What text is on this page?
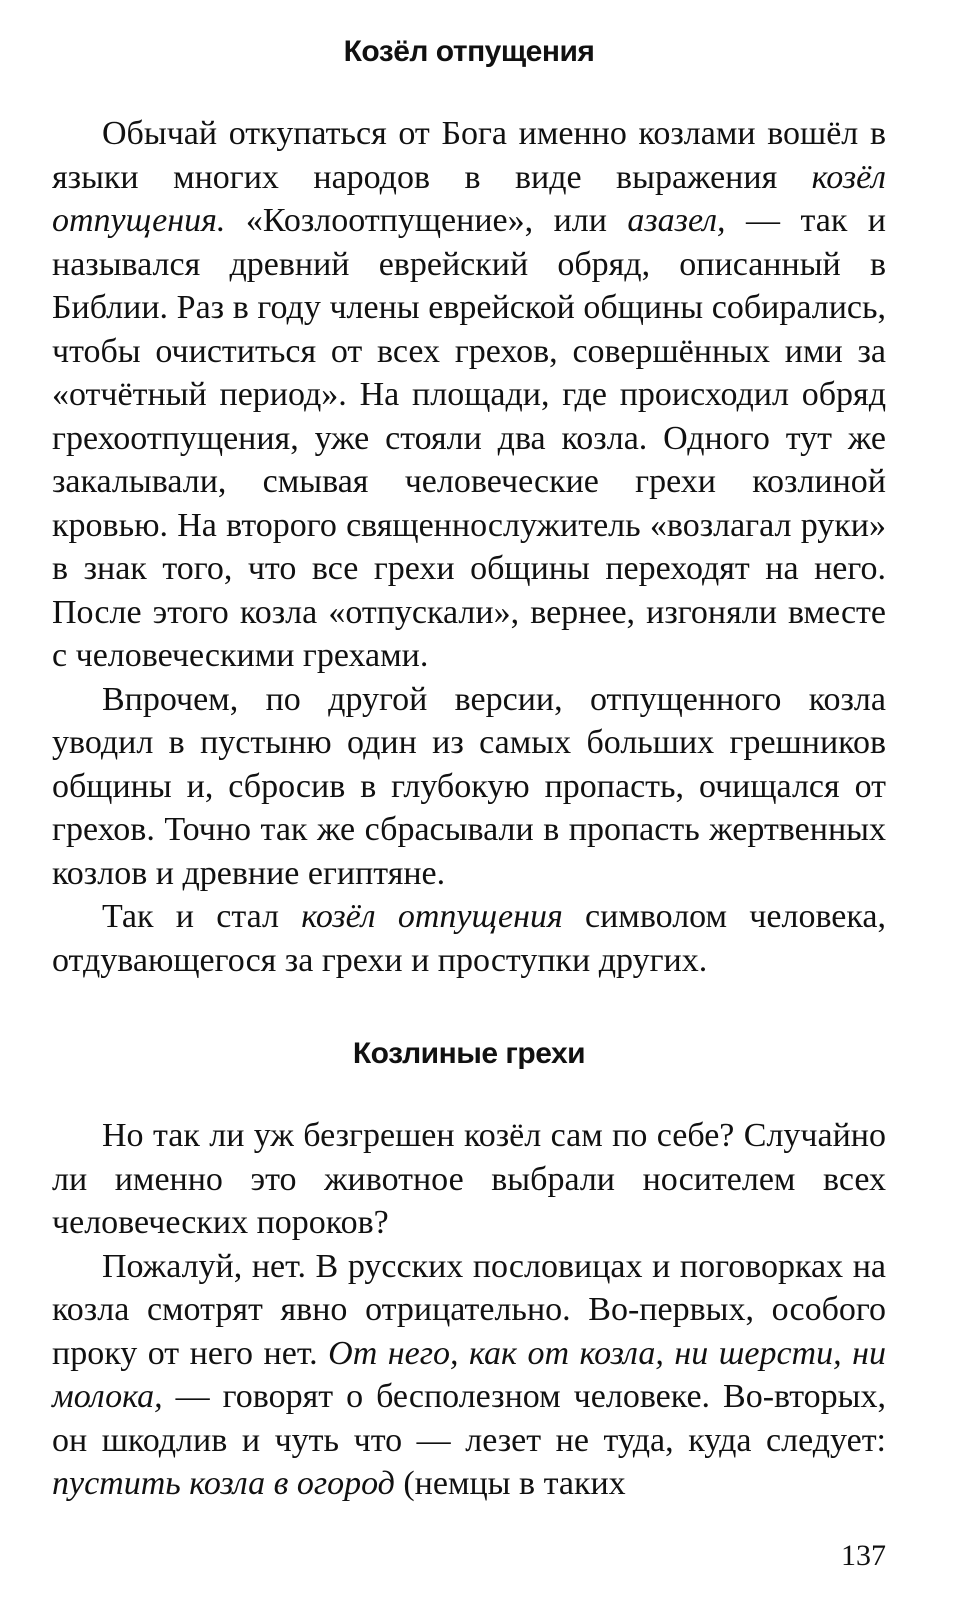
Козёл отпущения

Обычай откупаться от Бога именно козлами вошёл в языки многих народов в виде выражения козёл отпущения. «Козлоотпущение», или азазел, — так и назывался древний еврейский обряд, описанный в Библии. Раз в году члены еврейской общины собирались, чтобы очиститься от всех грехов, совершённых ими за «отчётный период». На площади, где происходил обряд грехоотпущения, уже стояли два козла. Одного тут же закалывали, смывая человеческие грехи козлиной кровью. На второго священнослужитель «возлагал руки» в знак того, что все грехи общины переходят на него. После этого козла «отпускали», вернее, изгоняли вместе с человеческими грехами.

Впрочем, по другой версии, отпущенного козла уводил в пустыню один из самых больших грешников общины и, сбросив в глубокую пропасть, очищался от грехов. Точно так же сбрасывали в пропасть жертвенных козлов и древние египтяне.

Так и стал козёл отпущения символом человека, отдувающегося за грехи и проступки других.

Козлиные грехи

Но так ли уж безгрешен козёл сам по себе? Случайно ли именно это животное выбрали носителем всех человеческих пороков?

Пожалуй, нет. В русских пословицах и поговорках на козла смотрят явно отрицательно. Во-первых, особого проку от него нет. От него, как от козла, ни шерсти, ни молока, — говорят о бесполезном человеке. Во-вторых, он шкодлив и чуть что — лезет не туда, куда следует: пустить козла в огород (немцы в таких

137
